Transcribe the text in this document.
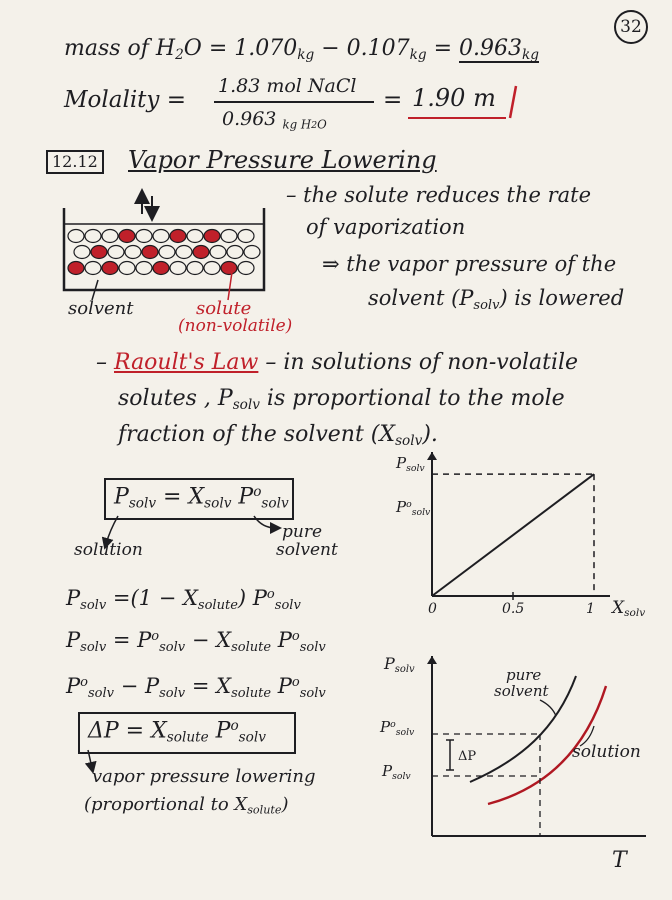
32
mass of $H_2O = 1.070_{kg} - 0.107_{kg} = 0.963_{kg}$
Molality =
1.83 mol NaCl
0.963 $_{kg H2O}$
= 1.90 m
12.12 Vapor Pressure Lowering
solvent	solute
(non-volatile)
– the solute reduces the rate
of vaporization
⇒ the vapor pressure of the
solvent $(P_{solv})$ is lowered
– Raoult's Law – in solutions of non-volatile
solutes , $P_{solv}$ is proportional to the mole
fraction of the solvent $(X_{solv})$.
$P_{solv} = X_{solv}$ $P^o_{solv}$
solution
pure
solvent
$P_{solv} =(1 - X_{solute})$ $P^o_{solv}$
$P_{solv} = P^o_{solv} - X_{solute}$ $P^o_{solv}$
$P^o_{solv} - P_{solv} = X_{solute}$ $P^o_{solv}$
$\Delta P = X_{solute}$ $P^o_{solv}$
vapor pressure lowering
(proportional to $X_{solute}$)
$P_{solv}$
$P^o_{solv}$
0	0.5	1 $X_{solv}$
$P_{solv}$
$P^o_{solv}$
$P_{solv}$
ΔP
pure
solvent
solution
T
